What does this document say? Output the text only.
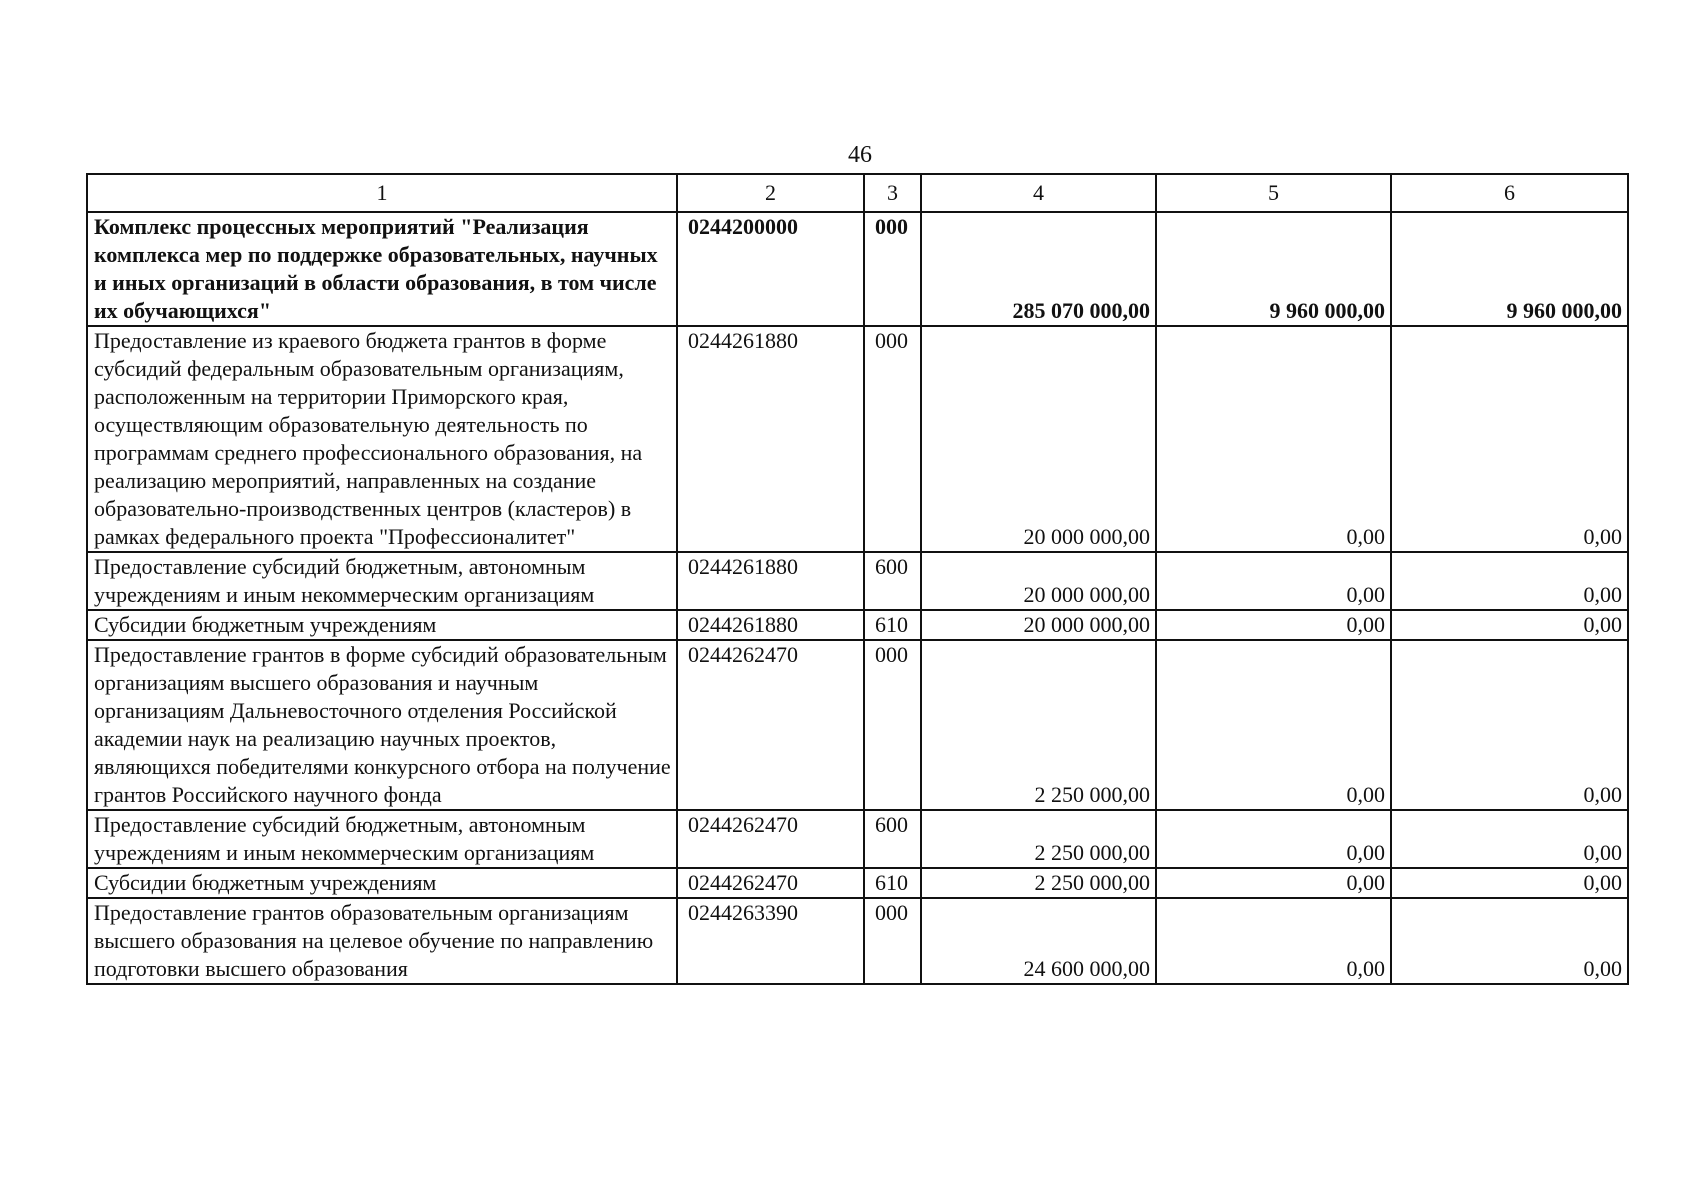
46
1	2	3	4	5	6
Комплекс процессных мероприятий "Реализация комплекса мер по поддержке образовательных, научных и иных организаций в области образования, в том числе их обучающихся"	0244200000	000	285 070 000,00	9 960 000,00	9 960 000,00
Предоставление из краевого бюджета грантов в форме субсидий федеральным образовательным организациям, расположенным на территории Приморского края, осуществляющим образовательную деятельность по программам среднего профессионального образования, на реализацию мероприятий, направленных на создание образовательно-производственных центров (кластеров) в рамках федерального проекта "Профессионалитет"	0244261880	000	20 000 000,00	0,00	0,00
Предоставление субсидий бюджетным, автономным учреждениям и иным некоммерческим организациям	0244261880	600	20 000 000,00	0,00	0,00
Субсидии бюджетным учреждениям	0244261880	610	20 000 000,00	0,00	0,00
Предоставление грантов в форме субсидий образовательным организациям высшего образования и научным организациям Дальневосточного отделения Российской академии наук на реализацию научных проектов, являющихся победителями конкурсного отбора на получение грантов Российского научного фонда	0244262470	000	2 250 000,00	0,00	0,00
Предоставление субсидий бюджетным, автономным учреждениям и иным некоммерческим организациям	0244262470	600	2 250 000,00	0,00	0,00
Субсидии бюджетным учреждениям	0244262470	610	2 250 000,00	0,00	0,00
Предоставление грантов образовательным организациям высшего образования на целевое обучение по направлению подготовки высшего образования	0244263390	000	24 600 000,00	0,00	0,00
